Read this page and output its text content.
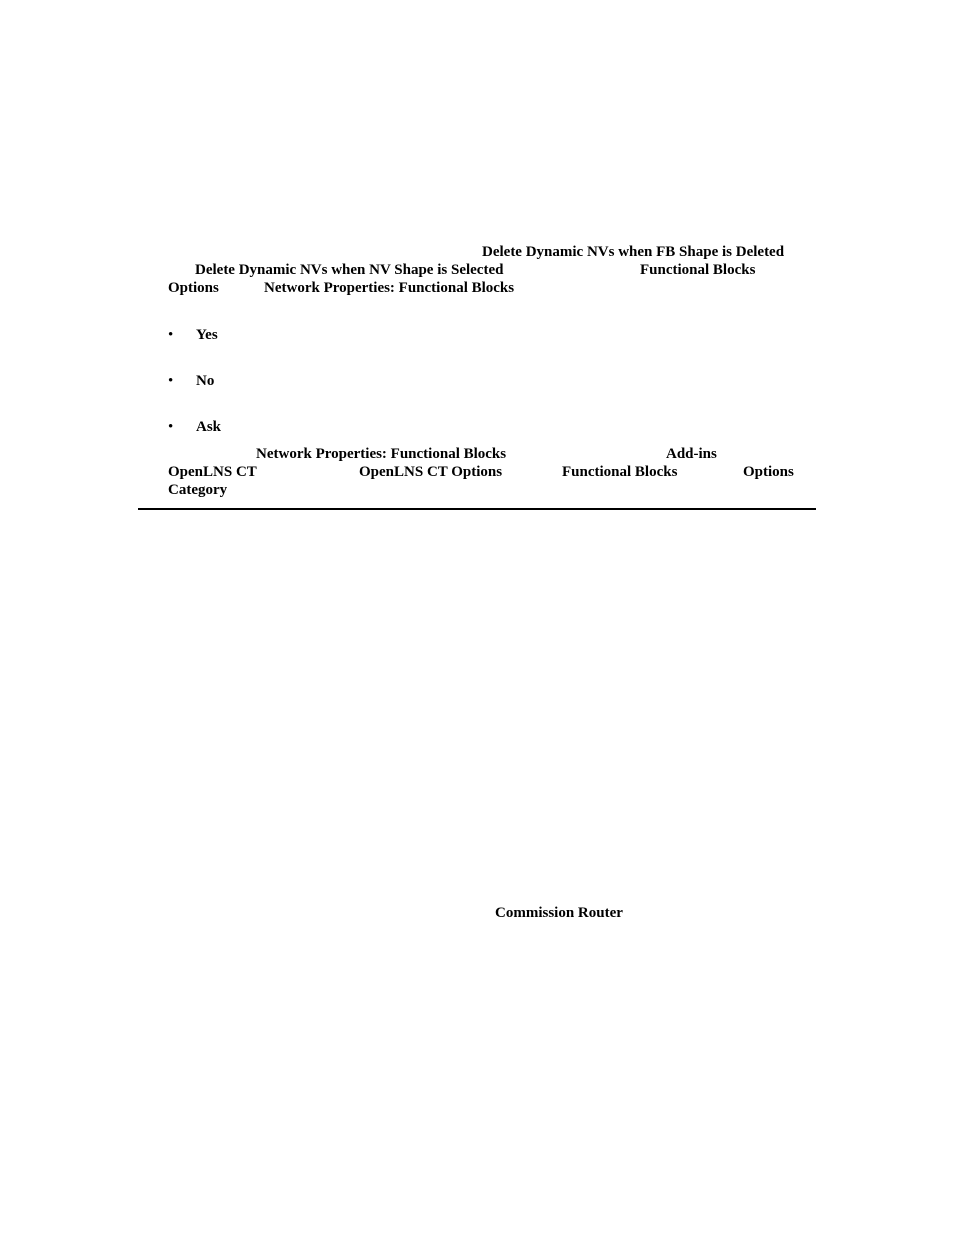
Delete Dynamic NVs when FB Shape is Deleted
Delete Dynamic NVs when NV Shape is Selected	Functional Blocks
Options	Network Properties: Functional Blocks
• Yes
• No
• Ask
Network Properties: Functional Blocks	Add-ins
OpenLNS CT	OpenLNS CT Options	Functional Blocks	Options
Category
Commission Router
